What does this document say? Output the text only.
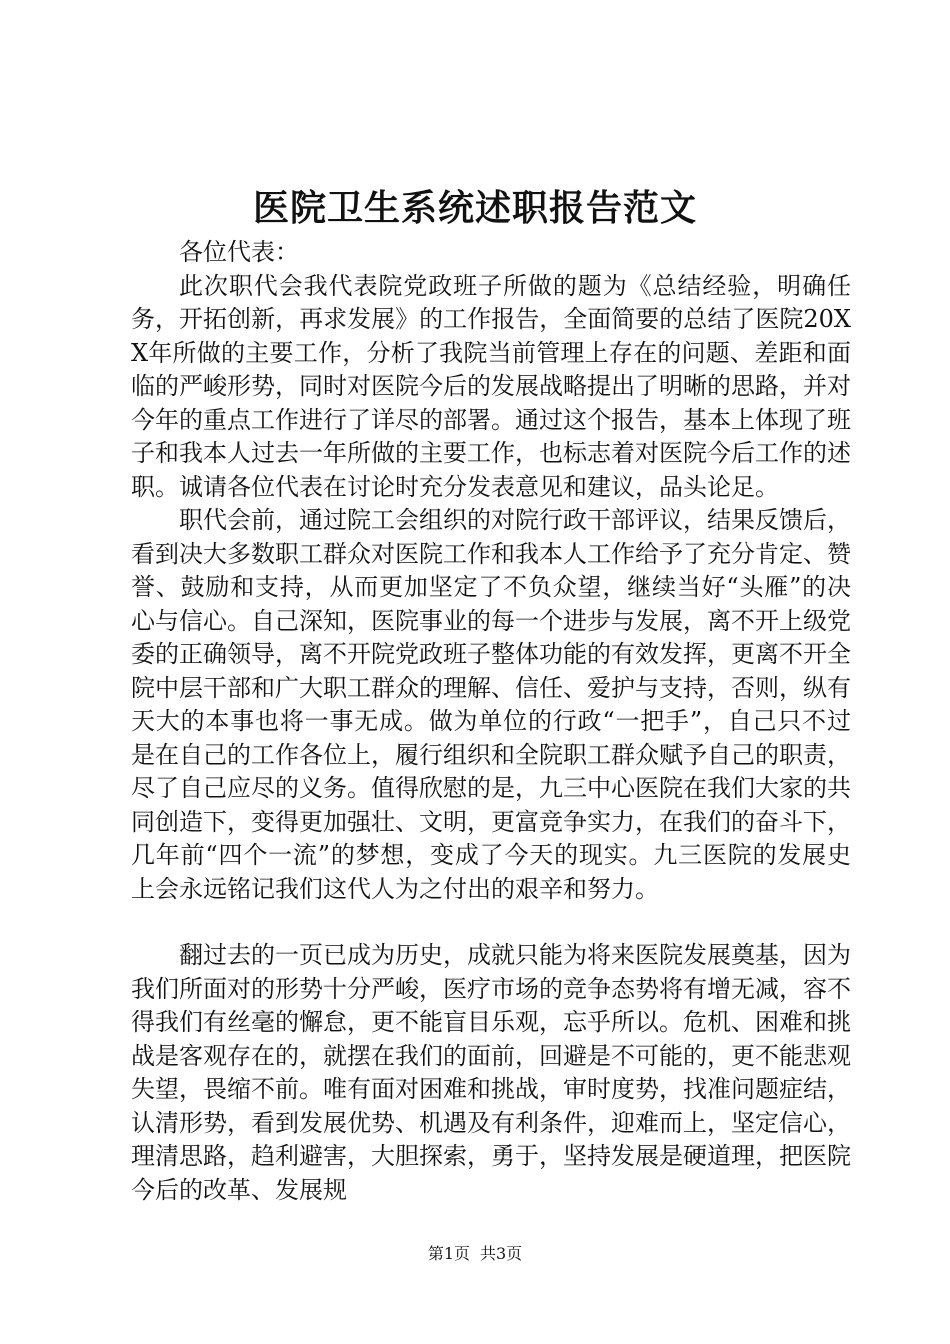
医院卫生系统述职报告范文

各位代表：

此次职代会我代表院党政班子所做的题为《总结经验，明确任务，开拓创新，再求发展》的工作报告，全面简要的总结了医院20XX年所做的主要工作，分析了我院当前管理上存在的问题、差距和面临的严峻形势，同时对医院今后的发展战略提出了明晰的思路，并对今年的重点工作进行了详尽的部署。通过这个报告，基本上体现了班子和我本人过去一年所做的主要工作，也标志着对医院今后工作的述职。诚请各位代表在讨论时充分发表意见和建议，品头论足。

职代会前，通过院工会组织的对院行政干部评议，结果反馈后，看到决大多数职工群众对医院工作和我本人工作给予了充分肯定、赞誉、鼓励和支持，从而更加坚定了不负众望，继续当好“头雁”的决心与信心。自己深知，医院事业的每一个进步与发展，离不开上级党委的正确领导，离不开院党政班子整体功能的有效发挥，更离不开全院中层干部和广大职工群众的理解、信任、爱护与支持，否则，纵有天大的本事也将一事无成。做为单位的行政“一把手”，自己只不过是在自己的工作各位上，履行组织和全院职工群众赋予自己的职责，尽了自己应尽的义务。值得欣慰的是，九三中心医院在我们大家的共同创造下，变得更加强壮、文明，更富竞争实力，在我们的奋斗下，几年前“四个一流”的梦想，变成了今天的现实。九三医院的发展史上会永远铭记我们这代人为之付出的艰辛和努力。

翻过去的一页已成为历史，成就只能为将来医院发展奠基，因为我们所面对的形势十分严峻，医疗市场的竞争态势将有增无减，容不得我们有丝毫的懈怠，更不能盲目乐观，忘乎所以。危机、困难和挑战是客观存在的，就摆在我们的面前，回避是不可能的，更不能悲观失望，畏缩不前。唯有面对困难和挑战，审时度势，找准问题症结，认清形势，看到发展优势、机遇及有利条件，迎难而上，坚定信心，理清思路，趋利避害，大胆探索，勇于，坚持发展是硬道理，把医院今后的改革、发展规

第1页 共3页
